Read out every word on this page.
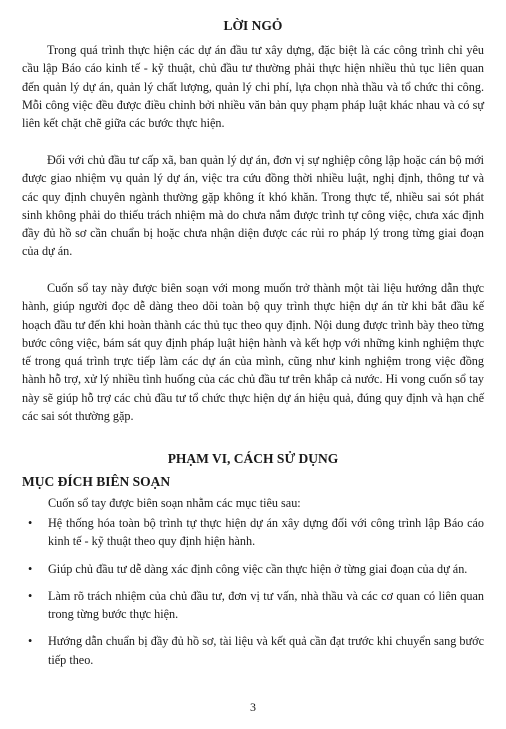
LỜI NGỎ

Trong quá trình thực hiện các dự án đầu tư xây dựng, đặc biệt là các công trình chỉ yêu cầu lập Báo cáo kinh tế - kỹ thuật, chủ đầu tư thường phải thực hiện nhiều thủ tục liên quan đến quản lý dự án, quản lý chất lượng, quản lý chi phí, lựa chọn nhà thầu và tổ chức thi công. Mỗi công việc đều được điều chỉnh bởi nhiều văn bản quy phạm pháp luật khác nhau và có sự liên kết chặt chẽ giữa các bước thực hiện.

Đối với chủ đầu tư cấp xã, ban quản lý dự án, đơn vị sự nghiệp công lập hoặc cán bộ mới được giao nhiệm vụ quản lý dự án, việc tra cứu đồng thời nhiều luật, nghị định, thông tư và các quy định chuyên ngành thường gặp không ít khó khăn. Trong thực tế, nhiều sai sót phát sinh không phải do thiếu trách nhiệm mà do chưa nắm được trình tự công việc, chưa xác định đầy đủ hồ sơ cần chuẩn bị hoặc chưa nhận diện được các rủi ro pháp lý trong từng giai đoạn của dự án.

Cuốn sổ tay này được biên soạn với mong muốn trở thành một tài liệu hướng dẫn thực hành, giúp người đọc dễ dàng theo dõi toàn bộ quy trình thực hiện dự án từ khi bắt đầu kế hoạch đầu tư đến khi hoàn thành các thủ tục theo quy định. Nội dung được trình bày theo từng bước công việc, bám sát quy định pháp luật hiện hành và kết hợp với những kinh nghiệm thực tế trong quá trình trực tiếp làm các dự án của mình, cũng như kinh nghiệm trong việc đồng hành hỗ trợ, xử lý nhiều tình huống của các chủ đầu tư trên khắp cả nước. Hi vong cuốn sổ tay này sẽ giúp hỗ trợ các chủ đầu tư tổ chức thực hiện dự án hiệu quả, đúng quy định và hạn chế các sai sót thường gặp.

PHẠM VI, CÁCH SỬ DỤNG
MỤC ĐÍCH BIÊN SOẠN

Cuốn sổ tay được biên soạn nhằm các mục tiêu sau:

• Hệ thống hóa toàn bộ trình tự thực hiện dự án xây dựng đối với công trình lập Báo cáo kinh tế - kỹ thuật theo quy định hiện hành.
• Giúp chủ đầu tư dễ dàng xác định công việc cần thực hiện ở từng giai đoạn của dự án.
• Làm rõ trách nhiệm của chủ đầu tư, đơn vị tư vấn, nhà thầu và các cơ quan có liên quan trong từng bước thực hiện.
• Hướng dẫn chuẩn bị đầy đủ hồ sơ, tài liệu và kết quả cần đạt trước khi chuyển sang bước tiếp theo.

3
